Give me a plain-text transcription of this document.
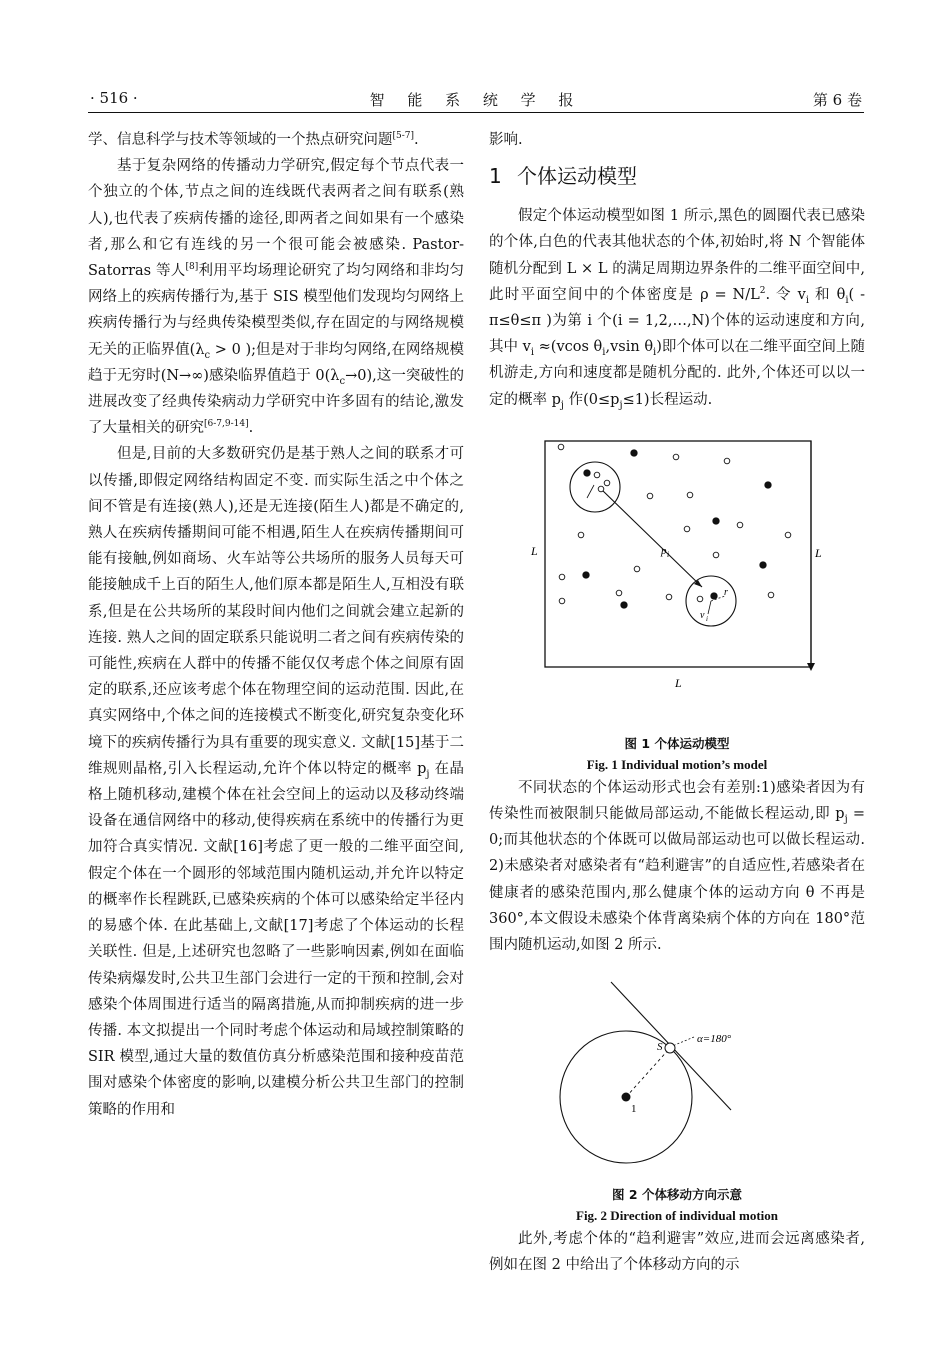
· 516 ·	智 能 系 统 学 报	第 6 卷

学、信息科学与技术等领域的一个热点研究问题[5-7].

基于复杂网络的传播动力学研究,假定每个节点代表一个独立的个体,节点之间的连线既代表两者之间有联系(熟人),也代表了疾病传播的途径,即两者之间如果有一个感染者,那么和它有连线的另一个很可能会被感染. Pastor-Satorras 等人[8]利用平均场理论研究了均匀网络和非均匀网络上的疾病传播行为,基于 SIS 模型他们发现均匀网络上疾病传播行为与经典传染模型类似,存在固定的与网络规模无关的正临界值($\lambda_c > 0$ );但是对于非均匀网络,在网络规模趋于无穷时(N→∞)感染临界值趋于 $0(\lambda_c\to 0)$,这一突破性的进展改变了经典传染病动力学研究中许多固有的结论,激发了大量相关的研究[6-7,9-14].

但是,目前的大多数研究仍是基于熟人之间的联系才可以传播,即假定网络结构固定不变. 而实际生活之中个体之间不管是有连接(熟人),还是无连接(陌生人)都是不确定的,熟人在疾病传播期间可能不相遇,陌生人在疾病传播期间可能有接触,例如商场、火车站等公共场所的服务人员每天可能接触成千上百的陌生人,他们原本都是陌生人,互相没有联系,但是在公共场所的某段时间内他们之间就会建立起新的连接. 熟人之间的固定联系只能说明二者之间有疾病传染的可能性,疾病在人群中的传播不能仅仅考虑个体之间原有固定的联系,还应该考虑个体在物理空间的运动范围. 因此,在真实网络中,个体之间的连接模式不断变化,研究复杂变化环境下的疾病传播行为具有重要的现实意义. 文献[15]基于二维规则晶格,引入长程运动,允许个体以特定的概率 $p_j$ 在晶格上随机移动,建模个体在社会空间上的运动以及移动终端设备在通信网络中的移动,使得疾病在系统中的传播行为更加符合真实情况. 文献[16]考虑了更一般的二维平面空间,假定个体在一个圆形的邻域范围内随机运动,并允许以特定的概率作长程跳跃,已感染疾病的个体可以感染给定半径内的易感个体. 在此基础上,文献[17]考虑了个体运动的长程关联性. 但是,上述研究也忽略了一些影响因素,例如在面临传染病爆发时,公共卫生部门会进行一定的干预和控制,会对感染个体周围进行适当的隔离措施,从而抑制疾病的进一步传播. 本文拟提出一个同时考虑个体运动和局域控制策略的 SIR 模型,通过大量的数值仿真分析感染范围和接种疫苗范围对感染个体密度的影响,以建模分析公共卫生部门的控制策略的作用和

影响.

1 个体运动模型

假定个体运动模型如图 1 所示,黑色的圆圈代表已感染的个体,白色的代表其他状态的个体,初始时,将 N 个智能体随机分配到 L × L 的满足周期边界条件的二维平面空间中,此时平面空间中的个体密度是 $\rho = N/L^2$. 令 $v_i$ 和 $\theta_i( - \pi\le\theta\le\pi$ )为第 i 个(i = 1,2,…,N)个体的运动速度和方向,其中 $v_i \approx(vcos$ $\theta_i,vsin$ $\theta_i$)即个体可以在二维平面空间上随机游走,方向和速度都是随机分配的. 此外,个体还可以以一定的概率 $p_j$ 作$(0\le p_j\le 1)$长程运动.

L	L
L
p i
r
v i

图 1 个体运动模型

Fig. 1 Individual motion’s model

不同状态的个体运动形式也会有差别:1)感染者因为有传染性而被限制只能做局部运动,不能做长程运动,即 $p_j = 0$;而其他状态的个体既可以做局部运动也可以做长程运动. 2)未感染者对感染者有“趋利避害”的自适应性,若感染者在健康者的感染范围内,那么健康个体的运动方向 θ 不再是 360°,本文假设未感染个体背离染病个体的方向在 180°范围内随机运动,如图 2 所示.

α=180°
S
1

图 2 个体移动方向示意

Fig. 2 Direction of individual motion

此外,考虑个体的“趋利避害”效应,进而会远离感染者,例如在图 2 中给出了个体移动方向的示
